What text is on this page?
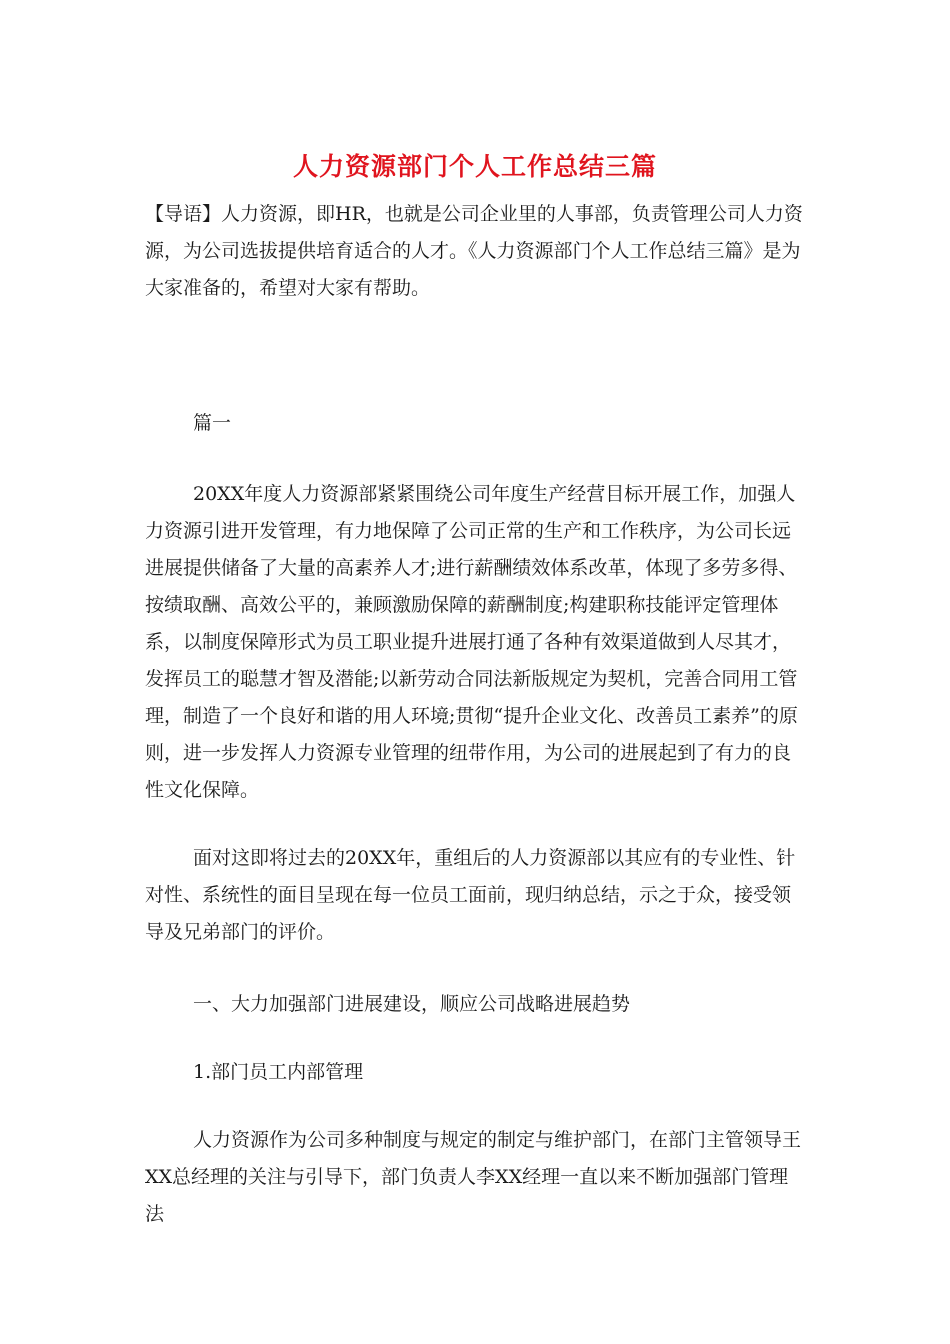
人力资源部门个人工作总结三篇
【导语】人力资源，即HR，也就是公司企业里的人事部，负责管理公司人力资源，为公司选拔提供培育适合的人才。《人力资源部门个人工作总结三篇》是为大家准备的，希望对大家有帮助。
篇一
20XX年度人力资源部紧紧围绕公司年度生产经营目标开展工作，加强人力资源引进开发管理，有力地保障了公司正常的生产和工作秩序，为公司长远进展提供储备了大量的高素养人才;进行薪酬绩效体系改革，体现了多劳多得、按绩取酬、高效公平的，兼顾激励保障的薪酬制度;构建职称技能评定管理体系，以制度保障形式为员工职业提升进展打通了各种有效渠道做到人尽其才，发挥员工的聪慧才智及潜能;以新劳动合同法新版规定为契机，完善合同用工管理，制造了一个良好和谐的用人环境;贯彻“提升企业文化、改善员工素养”的原则，进一步发挥人力资源专业管理的纽带作用，为公司的进展起到了有力的良性文化保障。
面对这即将过去的20XX年，重组后的人力资源部以其应有的专业性、针对性、系统性的面目呈现在每一位员工面前，现归纳总结，示之于众，接受领导及兄弟部门的评价。
一、大力加强部门进展建设，顺应公司战略进展趋势
1.部门员工内部管理
人力资源作为公司多种制度与规定的制定与维护部门，在部门主管领导王XX总经理的关注与引导下，部门负责人李XX经理一直以来不断加强部门管理法
